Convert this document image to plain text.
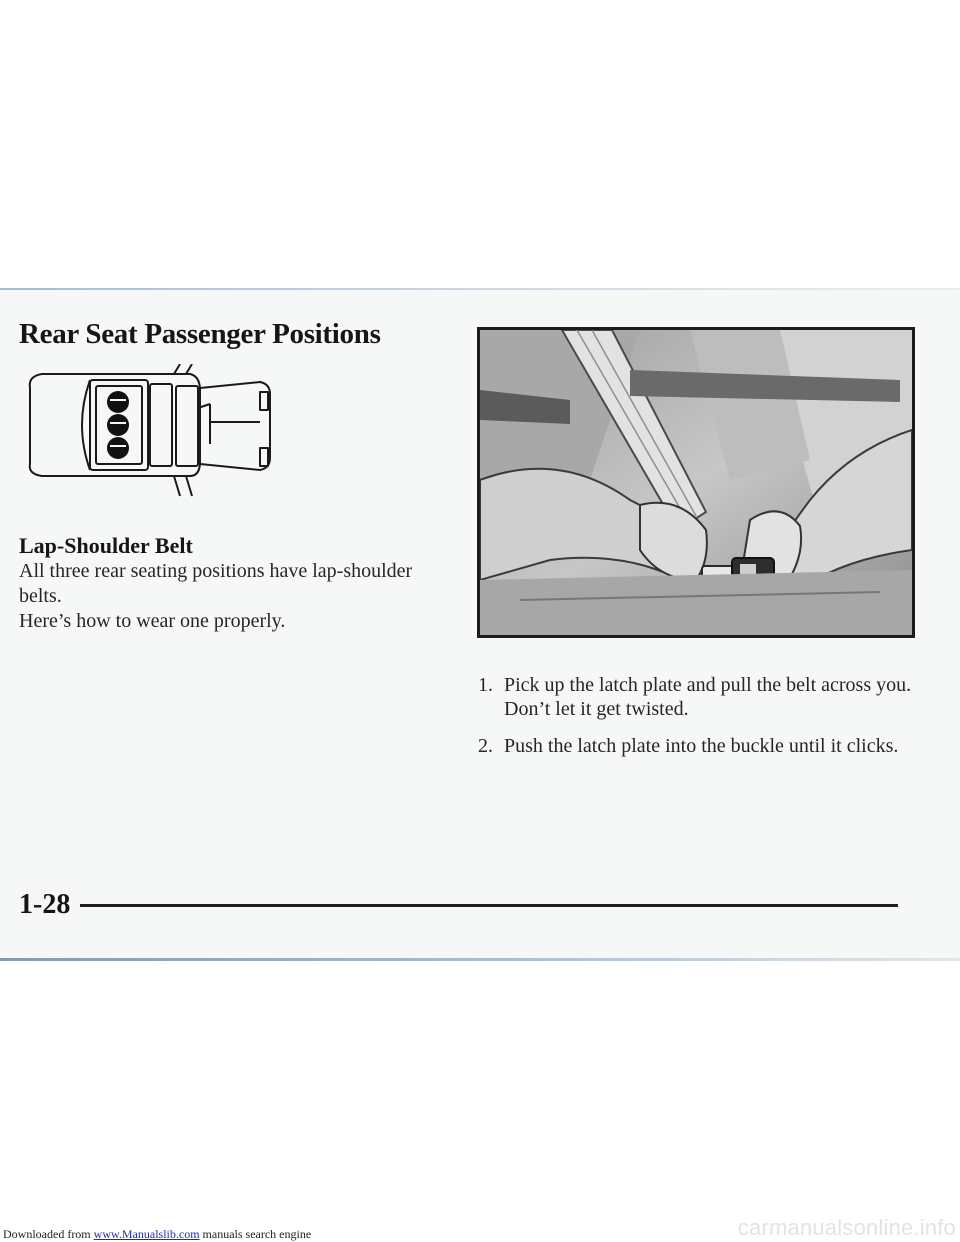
Rear Seat Passenger Positions
Lap-Shoulder Belt

All three rear seating positions have lap-shoulder belts.
Here’s how to wear one properly.

1. Pick up the latch plate and pull the belt across you.
Don’t let it get twisted.
2. Push the latch plate into the buckle until it clicks.

1-28

Downloaded from www.Manualslib.com manuals search engine	carmanualsonline.info
